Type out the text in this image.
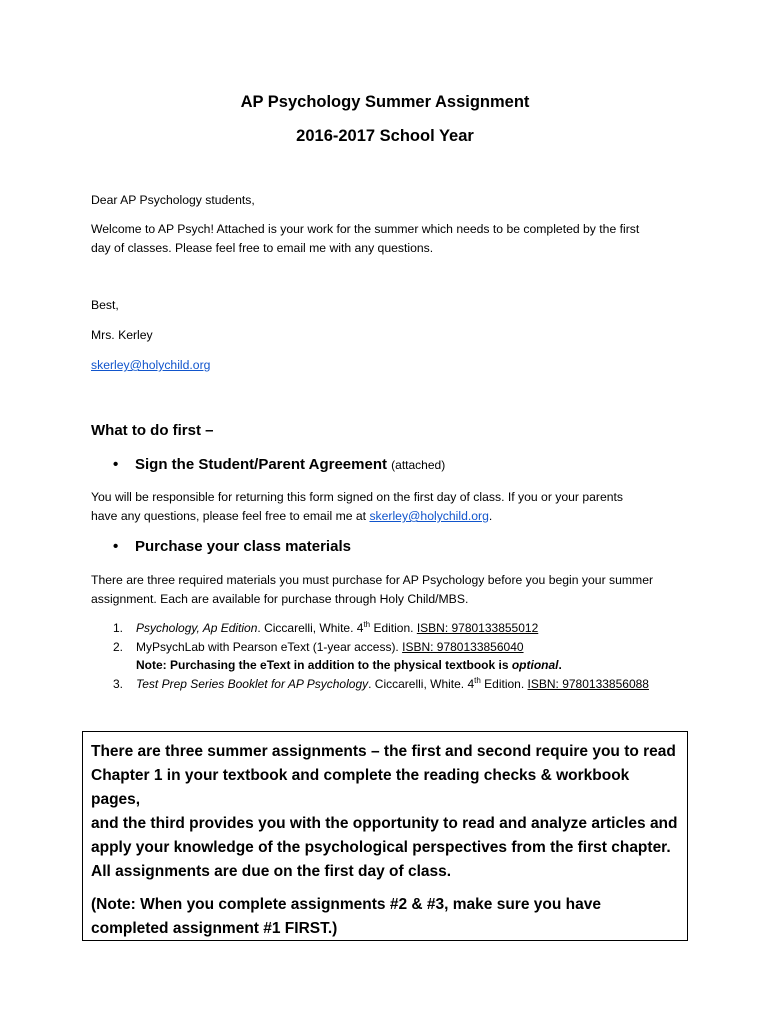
AP Psychology Summer Assignment
2016-2017 School Year
Dear AP Psychology students,
Welcome to AP Psych! Attached is your work for the summer which needs to be completed by the first
day of classes. Please feel free to email me with any questions.
Best,
Mrs. Kerley
skerley@holychild.org
What to do first –
• Sign the Student/Parent Agreement (attached)
You will be responsible for returning this form signed on the first day of class. If you or your parents
have any questions, please feel free to email me at skerley@holychild.org.
• Purchase your class materials
There are three required materials you must purchase for AP Psychology before you begin your summer
assignment. Each are available for purchase through Holy Child/MBS.
1.	Psychology, Ap Edition. Ciccarelli, White. 4th Edition. ISBN: 9780133855012
2.	MyPsychLab with Pearson eText (1-year access). ISBN: 9780133856040
Note: Purchasing the eText in addition to the physical textbook is optional.
3.	Test Prep Series Booklet for AP Psychology. Ciccarelli, White. 4th Edition. ISBN: 9780133856088

There are three summer assignments – the first and second require you to read
Chapter 1 in your textbook and complete the reading checks & workbook pages,
and the third provides you with the opportunity to read and analyze articles and
apply your knowledge of the psychological perspectives from the first chapter.
All assignments are due on the first day of class.

(Note: When you complete assignments #2 & #3, make sure you have
completed assignment #1 FIRST.)
